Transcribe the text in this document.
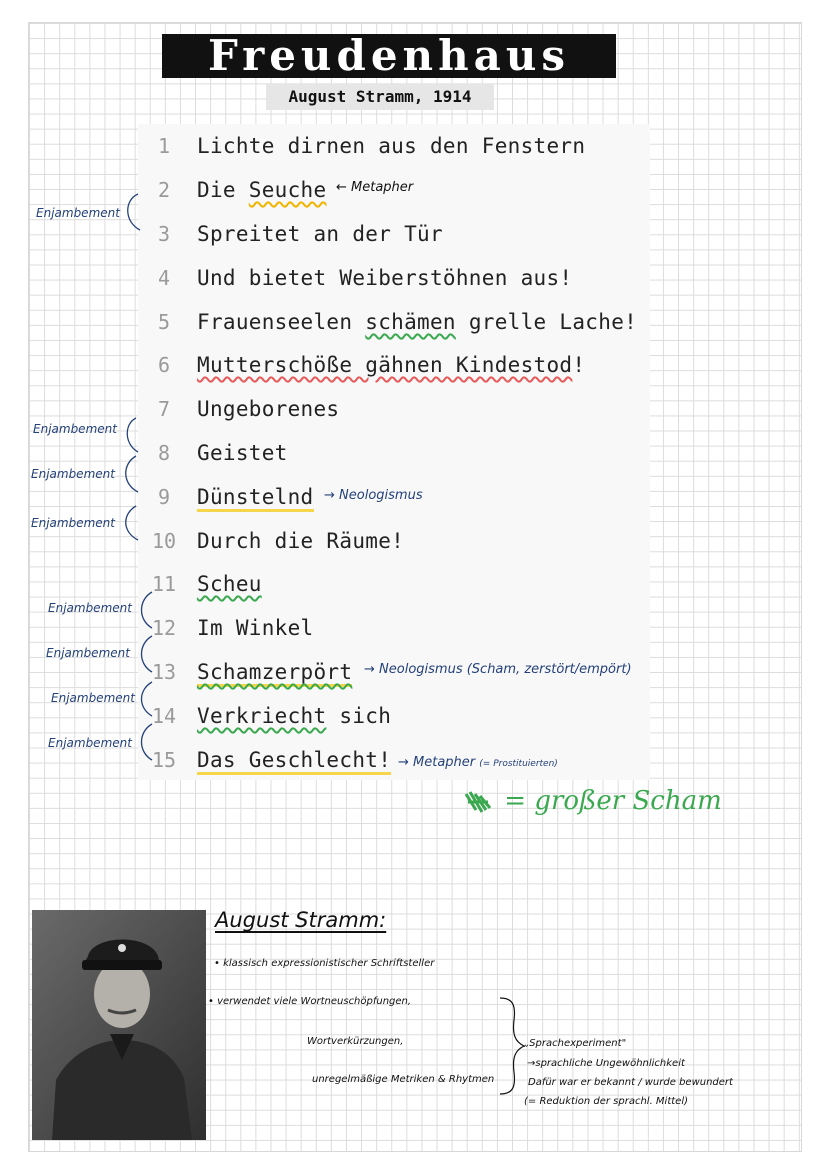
Freudenhaus
August Stramm, 1914
1	Lichte dirnen aus den Fenstern
2	Die Seuche
3	Spreitet an der Tür
4	Und bietet Weiberstöhnen aus!
5	Frauenseelen schämen grelle Lache!
6	Mutterschöße gähnen Kindestod!
7	Ungeborenes
8	Geistet
9	Dünstelnd
10 Durch die Räume!
11 Scheu
12 Im Winkel
13 Schamzerpört
14 Verkriecht sich
15 Das Geschlecht!
← Metapher
→ Neologismus
→ Neologismus (Scham, zerstört/empört)
→ Metapher (= Prostituierten)
Enjambement
Enjambement
Enjambement
Enjambement
Enjambement
Enjambement
Enjambement
Enjambement
= großer Scham
August Stramm:
• klassisch expressionistischer Schriftsteller
• verwendet viele Wortneuschöpfungen,
Wortverkürzungen,
unregelmäßige Metriken & Rhytmen
„Sprachexperiment"
→sprachliche Ungewöhnlichkeit
Dafür war er bekannt / wurde bewundert
(= Reduktion der sprachl. Mittel)
